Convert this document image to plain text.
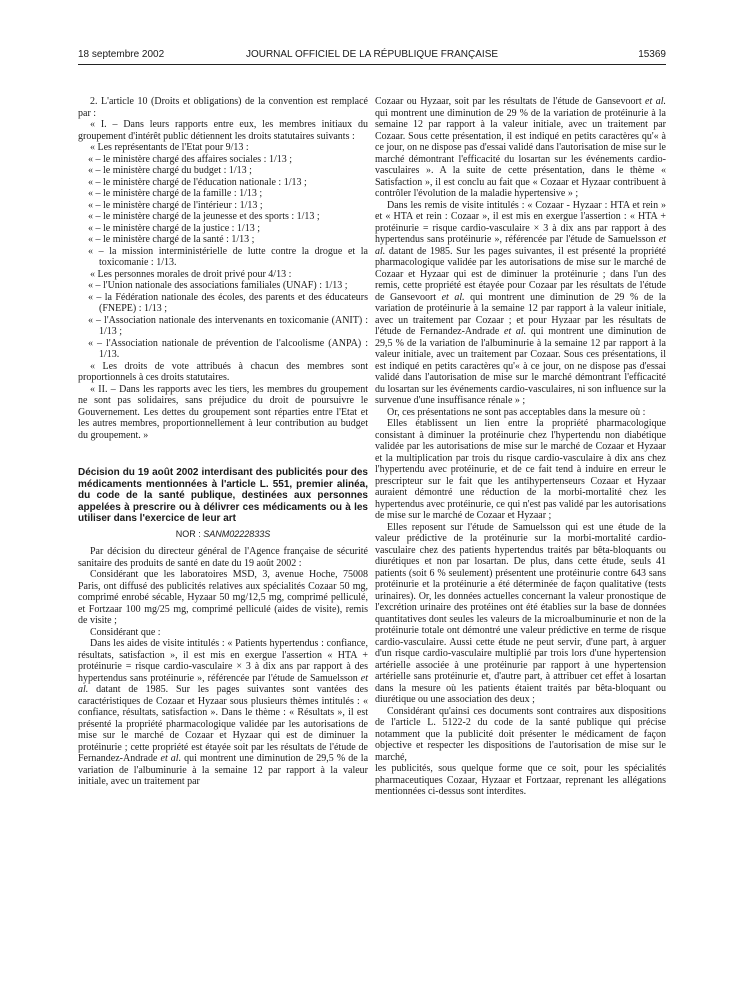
18 septembre 2002	JOURNAL OFFICIEL DE LA RÉPUBLIQUE FRANÇAISE	15369

2. L'article 10 (Droits et obligations) de la convention est remplacé par :

« I. – Dans leurs rapports entre eux, les membres initiaux du groupement d'intérêt public détiennent les droits statutaires suivants :

« Les représentants de l'Etat pour 9/13 :

« – le ministère chargé des affaires sociales : 1/13 ;

« – le ministère chargé du budget : 1/13 ;

« – le ministère chargé de l'éducation nationale : 1/13 ;

« – le ministère chargé de la famille : 1/13 ;

« – le ministère chargé de l'intérieur : 1/13 ;

« – le ministère chargé de la jeunesse et des sports : 1/13 ;

« – le ministère chargé de la justice : 1/13 ;

« – le ministère chargé de la santé : 1/13 ;

« – la mission interministérielle de lutte contre la drogue et la toxicomanie : 1/13.

« Les personnes morales de droit privé pour 4/13 :

« – l'Union nationale des associations familiales (UNAF) : 1/13 ;

« – la Fédération nationale des écoles, des parents et des éducateurs (FNEPE) : 1/13 ;

« – l'Association nationale des intervenants en toxicomanie (ANIT) : 1/13 ;

« – l'Association nationale de prévention de l'alcoolisme (ANPA) : 1/13.

« Les droits de vote attribués à chacun des membres sont proportionnels à ces droits statutaires.

« II. – Dans les rapports avec les tiers, les membres du groupement ne sont pas solidaires, sans préjudice du droit de poursuivre le Gouvernement. Les dettes du groupement sont réparties entre l'Etat et les autres membres, proportionnellement à leur contribution au budget du groupement. »

Décision du 19 août 2002 interdisant des publicités pour des médicaments mentionnées à l'article L. 551, premier alinéa, du code de la santé publique, destinées aux personnes appelées à prescrire ou à délivrer ces médicaments ou à les utiliser dans l'exercice de leur art

NOR : SANM0222833S

Par décision du directeur général de l'Agence française de sécurité sanitaire des produits de santé en date du 19 août 2002 :

Considérant que les laboratoires MSD, 3, avenue Hoche, 75008 Paris, ont diffusé des publicités relatives aux spécialités Cozaar 50 mg, comprimé enrobé sécable, Hyzaar 50 mg/12,5 mg, comprimé pelliculé, et Fortzaar 100 mg/25 mg, comprimé pelliculé (aides de visite), remis de visite ;

Considérant que :

Dans les aides de visite intitulés : « Patients hypertendus : confiance, résultats, satisfaction », il est mis en exergue l'assertion « HTA + protéinurie = risque cardio-vasculaire × 3 à dix ans par rapport à des hypertendus sans protéinurie », référencée par l'étude de Samuelsson et al. datant de 1985. Sur les pages suivantes sont vantées des caractéristiques de Cozaar et Hyzaar sous plusieurs thèmes intitulés : « confiance, résultats, satisfaction ». Dans le thème : « Résultats », il est présenté la propriété pharmacologique validée par les autorisations de mise sur le marché de Cozaar et Hyzaar qui est de diminuer la protéinurie ; cette propriété est étayée soit par les résultats de l'étude de Fernandez-Andrade et al. qui montrent une diminution de 29,5 % de la variation de l'albuminurie à la semaine 12 par rapport à la valeur initiale, avec un traitement par

Cozaar ou Hyzaar, soit par les résultats de l'étude de Gansevoort et al. qui montrent une diminution de 29 % de la variation de protéinurie à la semaine 12 par rapport à la valeur initiale, avec un traitement par Cozaar. Sous cette présentation, il est indiqué en petits caractères qu'« à ce jour, on ne dispose pas d'essai validé dans l'autorisation de mise sur le marché démontrant l'efficacité du losartan sur les événements cardio-vasculaires ». A la suite de cette présentation, dans le thème « Satisfaction », il est conclu au fait que « Cozaar et Hyzaar contribuent à contrôler l'évolution de la maladie hypertensive » ;

Dans les remis de visite intitulés : « Cozaar - Hyzaar : HTA et rein » et « HTA et rein : Cozaar », il est mis en exergue l'assertion : « HTA + protéinurie = risque cardio-vasculaire × 3 à dix ans par rapport à des hypertendus sans protéinurie », référencée par l'étude de Samuelsson et al. datant de 1985. Sur les pages suivantes, il est présenté la propriété pharmacologique validée par les autorisations de mise sur le marché de Cozaar et Hyzaar qui est de diminuer la protéinurie ; dans l'un des remis, cette propriété est étayée pour Cozaar par les résultats de l'étude de Gansevoort et al. qui montrent une diminution de 29 % de la variation de protéinurie à la semaine 12 par rapport à la valeur initiale, avec un traitement par Cozaar ; et pour Hyzaar par les résultats de l'étude de Fernandez-Andrade et al. qui montrent une diminution de 29,5 % de la variation de l'albuminurie à la semaine 12 par rapport à la valeur initiale, avec un traitement par Cozaar. Sous ces présentations, il est indiqué en petits caractères qu'« à ce jour, on ne dispose pas d'essai validé dans l'autorisation de mise sur le marché démontrant l'efficacité du losartan sur les événements cardio-vasculaires, ni son influence sur la survenue d'une insuffisance rénale » ;

Or, ces présentations ne sont pas acceptables dans la mesure où :

Elles établissent un lien entre la propriété pharmacologique consistant à diminuer la protéinurie chez l'hypertendu non diabétique validée par les autorisations de mise sur le marché de Cozaar et Hyzaar et la multiplication par trois du risque cardio-vasculaire à dix ans chez l'hypertendu avec protéinurie, et de ce fait tend à induire en erreur le prescripteur sur le fait que les antihypertenseurs Cozaar et Hyzaar auraient démontré une réduction de la morbi-mortalité chez les hypertendus avec protéinurie, ce qui n'est pas validé par les autorisations de mise sur le marché de Cozaar et Hyzaar ;

Elles reposent sur l'étude de Samuelsson qui est une étude de la valeur prédictive de la protéinurie sur la morbi-mortalité cardio-vasculaire chez des patients hypertendus traités par bêta-bloquants ou diurétiques et non par losartan. De plus, dans cette étude, seuls 41 patients (soit 6 % seulement) présentent une protéinurie contre 643 sans protéinurie et la protéinurie a été déterminée de façon qualitative (tests urinaires). Or, les données actuelles concernant la valeur pronostique de l'excrétion urinaire des protéines ont été établies sur la base de données quantitatives dont seules les valeurs de la microalbuminurie et non de la protéinurie totale ont démontré une valeur prédictive en terme de risque cardio-vasculaire. Aussi cette étude ne peut servir, d'une part, à arguer d'un risque cardio-vasculaire multiplié par trois lors d'une hypertension artérielle associée à une protéinurie par rapport à une hypertension artérielle sans protéinurie et, d'autre part, à attribuer cet effet à losartan dans la mesure où les patients étaient traités par bêta-bloquant ou diurétique ou une association des deux ;

Considérant qu'ainsi ces documents sont contraires aux dispositions de l'article L. 5122-2 du code de la santé publique qui précise notamment que la publicité doit présenter le médicament de façon objective et respecter les dispositions de l'autorisation de mise sur le marché,

les publicités, sous quelque forme que ce soit, pour les spécialités pharmaceutiques Cozaar, Hyzaar et Fortzaar, reprenant les allégations mentionnées ci-dessus sont interdites.
